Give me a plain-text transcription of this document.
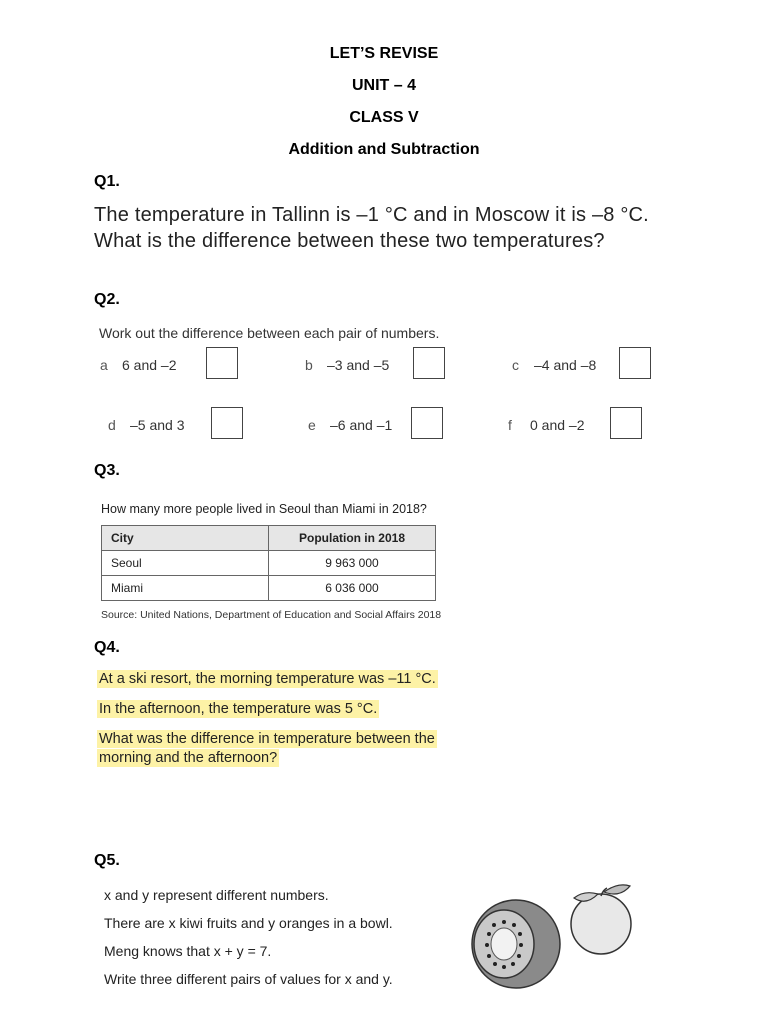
LET’S REVISE
UNIT – 4
CLASS V
Addition and Subtraction
Q1.
The temperature in Tallinn is –1 °C and in Moscow it is –8 °C. What is the difference between these two temperatures?
Q2.
Work out the difference between each pair of numbers.
a 6 and –2	b –3 and –5	c –4 and –8
d –5 and 3	e –6 and –1	f 0 and –2
Q3.
How many more people lived in Seoul than Miami in 2018?
City	Population in 2018
Seoul	9 963 000
Miami	6 036 000
Source: United Nations, Department of Education and Social Affairs 2018
Q4.
At a ski resort, the morning temperature was –11 °C.
In the afternoon, the temperature was 5 °C.
What was the difference in temperature between the
morning and the afternoon?
Q5.
x and y represent different numbers.
There are x kiwi fruits and y oranges in a bowl.
Meng knows that x + y = 7.
Write three different pairs of values for x and y.
